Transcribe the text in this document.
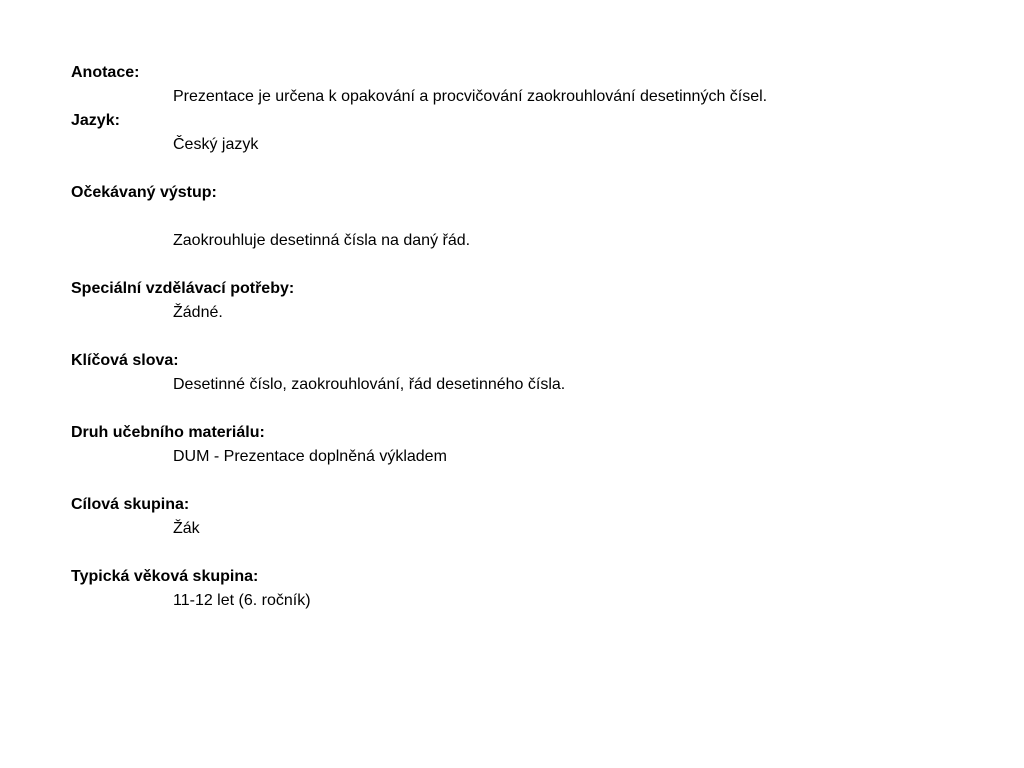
Anotace:
Prezentace je určena k opakování a procvičování zaokrouhlování desetinných čísel.
Jazyk:
Český jazyk
Očekávaný výstup:
Zaokrouhluje desetinná čísla na daný řád.
Speciální vzdělávací potřeby:
Žádné.
Klíčová slova:
Desetinné číslo, zaokrouhlování, řád desetinného čísla.
Druh učebního materiálu:
DUM - Prezentace doplněná výkladem
Cílová skupina:
Žák
Typická věková skupina:
11-12 let (6. ročník)
